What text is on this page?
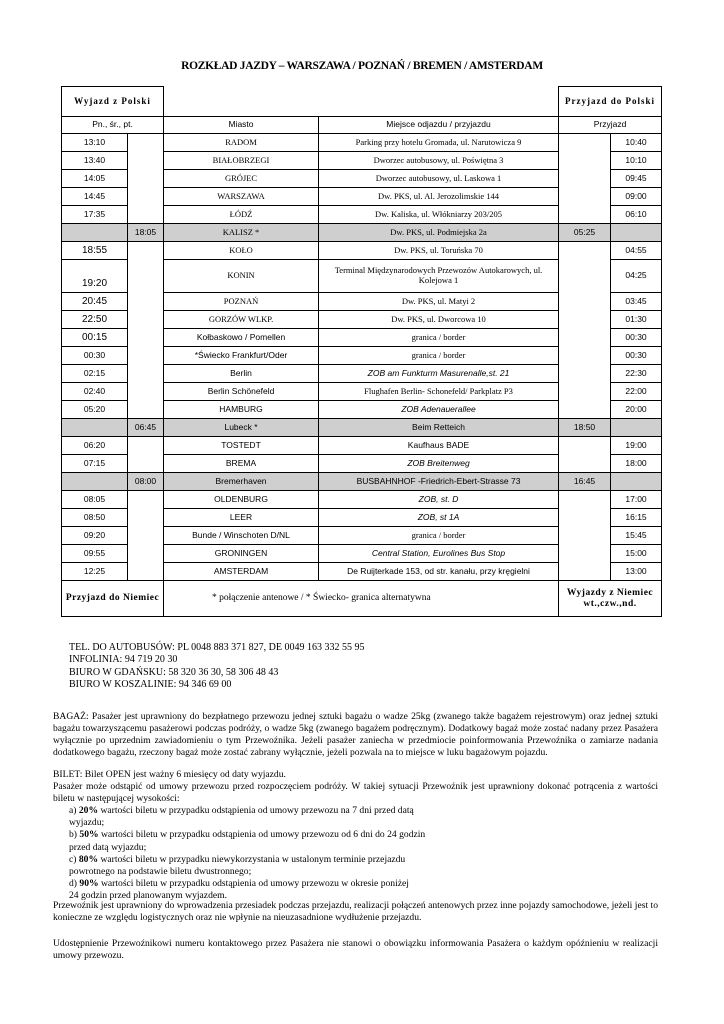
ROZKŁAD JAZDY – WARSZAWA / POZNAŃ / BREMEN / AMSTERDAM
Wyjazd z Polski				Przyjazd do Polski	
Pn., śr., pt.		Miasto	Miejsce odjazdu / przyjazdu	Przyjazd	
13:10		RADOM	Parking przy hotelu Gromada, ul. Narutowicza 9		10:40
13:40		BIAŁOBRZEGI	Dworzec autobusowy, ul. Poświętna 3		10:10
14:05		GRÓJEC	Dworzec autobusowy, ul. Laskowa 1		09:45
14:45		WARSZAWA	Dw. PKS, ul. Al. Jerozolimskie 144		09:00
17:35		ŁÓDŹ	Dw. Kaliska, ul. Włókniarzy 203/205		06:10
	18:05	KALISZ *	Dw. PKS, ul. Podmiejska 2a	05:25	
18:55		KOŁO	Dw. PKS, ul. Toruńska 70		04:55
19:20		KONIN	Terminal Międzynarodowych Przewozów Autokarowych, ul. Kolejowa 1		04:25
20:45		POZNAŃ	Dw. PKS, ul. Matyi 2		03:45
22:50		GORZÓW WLKP.	Dw. PKS, ul. Dworcowa 10		01:30
00:15		Kołbaskowo / Pomellen	granica / border		00:30
00:30		*Świecko Frankfurt/Oder	granica / border		00:30
02:15		Berlin	ZOB am Funkturm Masurenalle,st. 21		22:30
02:40		Berlin Schönefeld	Flughafen Berlin- Schonefeld/ Parkplatz P3		22:00
05:20		HAMBURG	ZOB Adenauerallee		20:00
	06:45	Lubeck *	Beim Retteich	18:50	
06:20		TOSTEDT	Kaufhaus BADE		19:00
07:15		BREMA	ZOB Breitenweg		18:00
	08:00	Bremerhaven	BUSBAHNHOF -Friedrich-Ebert-Strasse 73	16:45	
08:05		OLDENBURG	ZOB, st. D		17:00
08:50		LEER	ZOB, st 1A		16:15
09:20		Bunde / Winschoten D/NL	granica / border		15:45
09:55		GRONINGEN	Central Station, Eurolines Bus Stop		15:00
12:25		AMSTERDAM	De Ruijterkade 153, od str. kanału, przy kręgielni		13:00
Przyjazd do Niemiec		* połączenie antenowe / * Świecko- granica alternatywna		Wyjazdy z Niemiec
wt.,czw.,nd.	
TEL. DO AUTOBUSÓW: PL 0048 883 371 827, DE 0049 163 332 55 95
INFOLINIA: 94 719 20 30
BIURO W GDAŃSKU: 58 320 36 30, 58 306 48 43
BIURO W KOSZALINIE: 94 346 69 00

BAGAŻ: Pasażer jest uprawniony do bezpłatnego przewozu jednej sztuki bagażu o wadze 25kg (zwanego także bagażem rejestrowym) oraz jednej sztuki bagażu towarzyszącemu pasażerowi podczas podróży, o wadze 5kg (zwanego bagażem podręcznym). Dodatkowy bagaż może zostać nadany przez Pasażera wyłącznie po uprzednim zawiadomieniu o tym Przewoźnika. Jeżeli pasażer zaniecha w przedmiocie poinformowania Przewoźnika o zamiarze nadania dodatkowego bagażu, rzeczony bagaż może zostać zabrany wyłącznie, jeżeli pozwala na to miejsce w luku bagażowym pojazdu.

BILET: Bilet OPEN jest ważny 6 miesięcy od daty wyjazdu.

Pasażer może odstąpić od umowy przewozu przed rozpoczęciem podróży. W takiej sytuacji Przewoźnik jest uprawniony dokonać potrącenia z wartości biletu w następującej wysokości:

a) 20% wartości biletu w przypadku odstąpienia od umowy przewozu na 7 dni przed datą

wyjazdu;

b) 50% wartości biletu w przypadku odstąpienia od umowy przewozu od 6 dni do 24 godzin

przed datą wyjazdu;

c) 80% wartości biletu w przypadku niewykorzystania w ustalonym terminie przejazdu

powrotnego na podstawie biletu dwustronnego;

d) 90% wartości biletu w przypadku odstąpienia od umowy przewozu w okresie poniżej

24 godzin przed planowanym wyjazdem.

Przewoźnik jest uprawniony do wprowadzenia przesiadek podczas przejazdu, realizacji połączeń antenowych przez inne pojazdy samochodowe, jeżeli jest to konieczne ze względu logistycznych oraz nie wpłynie na nieuzasadnione wydłużenie przejazdu.

Udostępnienie Przewoźnikowi numeru kontaktowego przez Pasażera nie stanowi o obowiązku informowania Pasażera o każdym opóźnieniu w realizacji umowy przewozu.
